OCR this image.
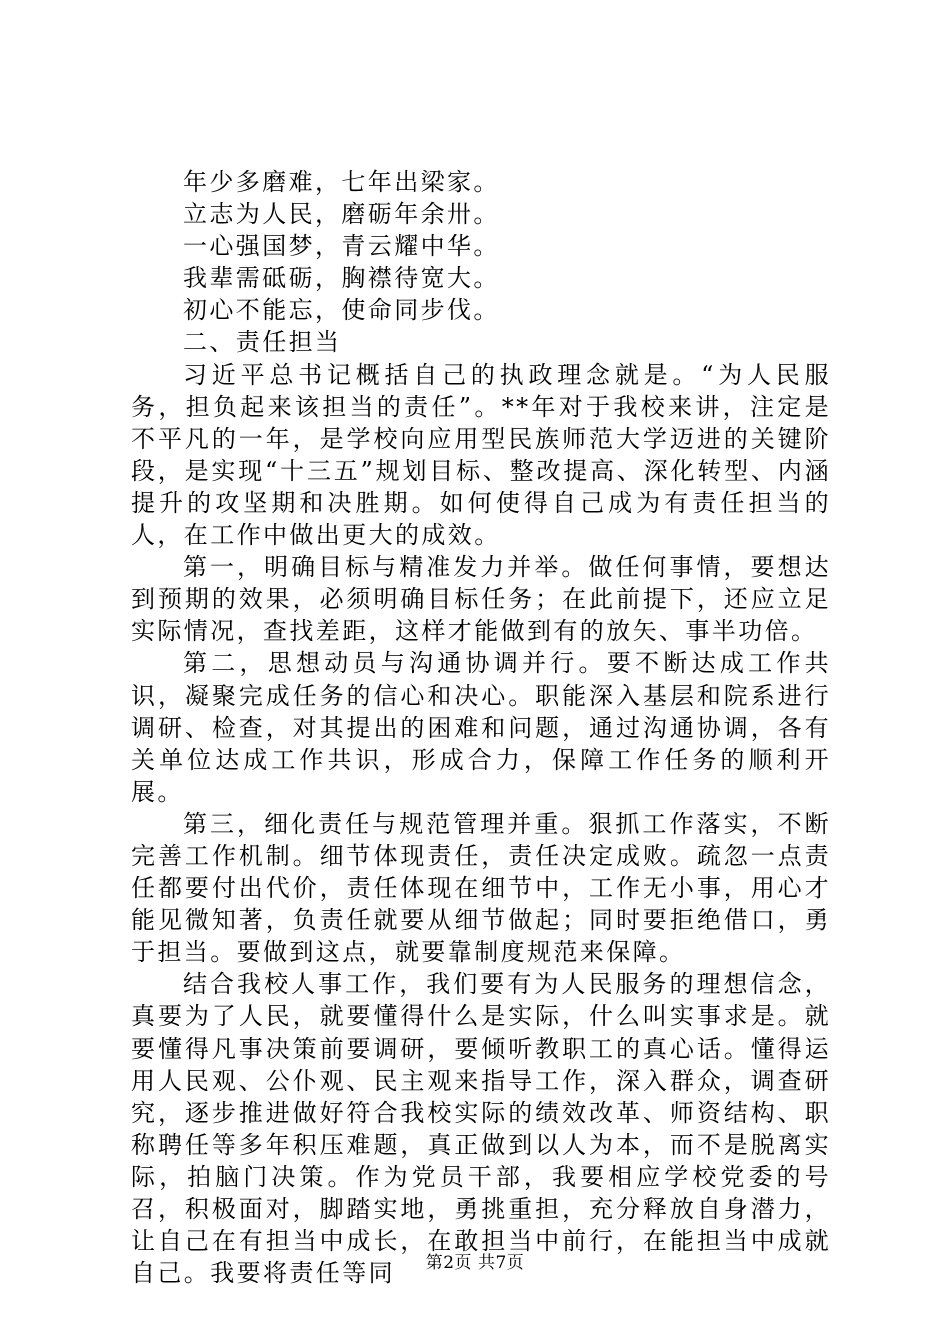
年少多磨难，七年出梁家。

立志为人民，磨砺年余卅。

一心强国梦，青云耀中华。

我辈需砥砺，胸襟待宽大。

初心不能忘，使命同步伐。

二、责任担当

习近平总书记概括自己的执政理念就是。“为人民服务，担负起来该担当的责任”。**年对于我校来讲，注定是不平凡的一年，是学校向应用型民族师范大学迈进的关键阶段，是实现“十三五”规划目标、整改提高、深化转型、内涵提升的攻坚期和决胜期。如何使得自己成为有责任担当的人，在工作中做出更大的成效。

第一，明确目标与精准发力并举。做任何事情，要想达到预期的效果，必须明确目标任务；在此前提下，还应立足实际情况，查找差距，这样才能做到有的放矢、事半功倍。

第二，思想动员与沟通协调并行。要不断达成工作共识，凝聚完成任务的信心和决心。职能深入基层和院系进行调研、检查，对其提出的困难和问题，通过沟通协调，各有关单位达成工作共识，形成合力，保障工作任务的顺利开展。

第三，细化责任与规范管理并重。狠抓工作落实，不断完善工作机制。细节体现责任，责任决定成败。疏忽一点责任都要付出代价，责任体现在细节中，工作无小事，用心才能见微知著，负责任就要从细节做起；同时要拒绝借口，勇于担当。要做到这点，就要靠制度规范来保障。

结合我校人事工作，我们要有为人民服务的理想信念，真要为了人民，就要懂得什么是实际，什么叫实事求是。就要懂得凡事决策前要调研，要倾听教职工的真心话。懂得运用人民观、公仆观、民主观来指导工作，深入群众，调查研究，逐步推进做好符合我校实际的绩效改革、师资结构、职称聘任等多年积压难题，真正做到以人为本，而不是脱离实际，拍脑门决策。作为党员干部，我要相应学校党委的号召，积极面对，脚踏实地，勇挑重担，充分释放自身潜力，让自己在有担当中成长，在敢担当中前行，在能担当中成就自己。我要将责任等同	第2页 共7页
